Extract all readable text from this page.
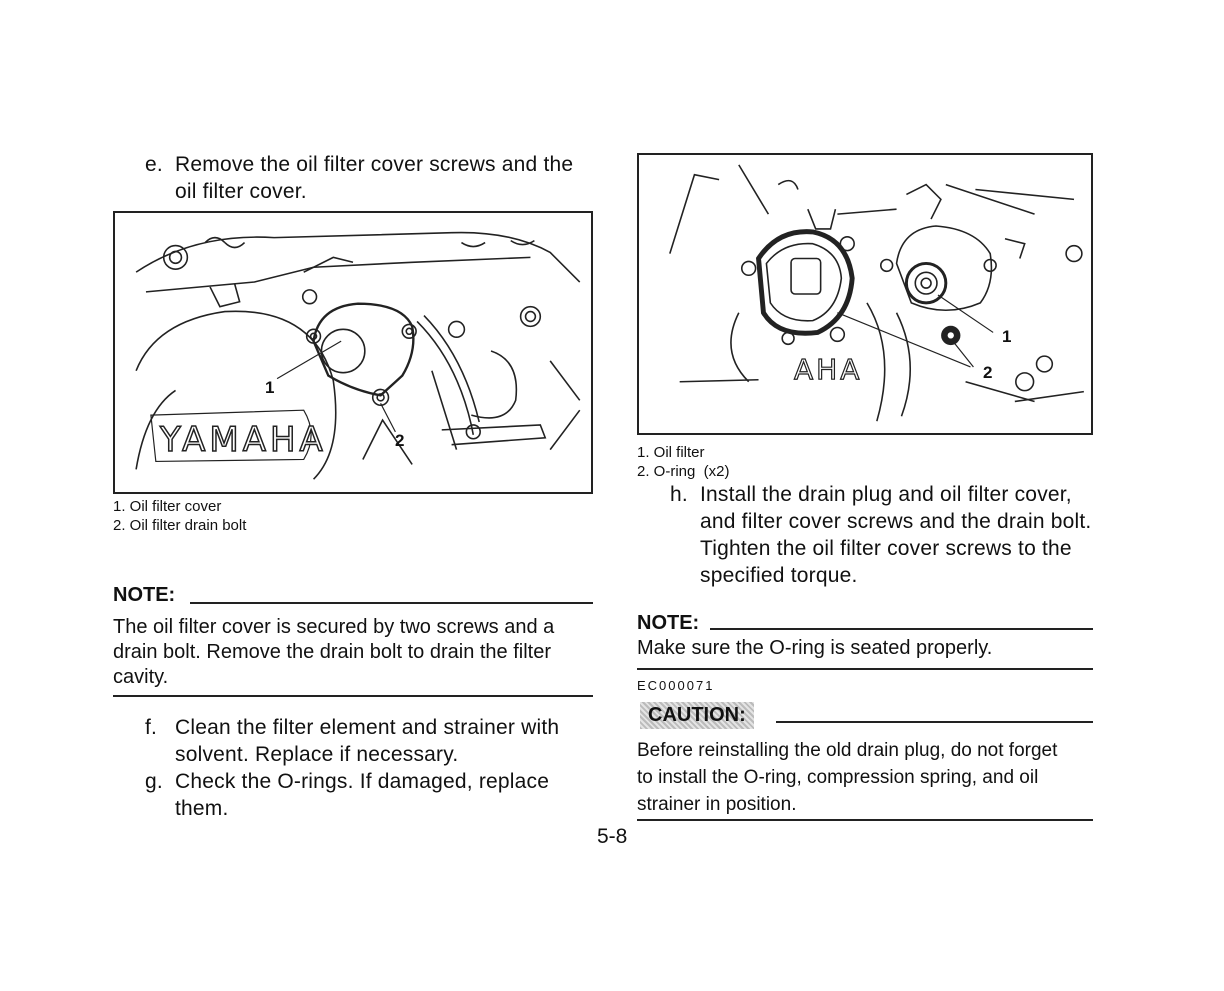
e. Remove the oil filter cover screws and the
oil filter cover.
1
2
YAMAHA
1. Oil filter cover
2. Oil filter drain bolt
NOTE:
The oil filter cover is secured by two screws and a
drain bolt. Remove the drain bolt to drain the filter
cavity.
f. Clean the filter element and strainer with
solvent. Replace if necessary.
g. Check the O-rings. If damaged, replace
them.
1
2
AHA
1. Oil filter
2. O-ring  (x2)
h. Install the drain plug and oil filter cover,
and filter cover screws and the drain bolt.
Tighten the oil filter cover screws to the
specified torque.
NOTE:
Make sure the O-ring is seated properly.
EC000071
CAUTION:
Before reinstalling the old drain plug, do not forget
to install the O-ring, compression spring, and oil
strainer in position.
5-8
